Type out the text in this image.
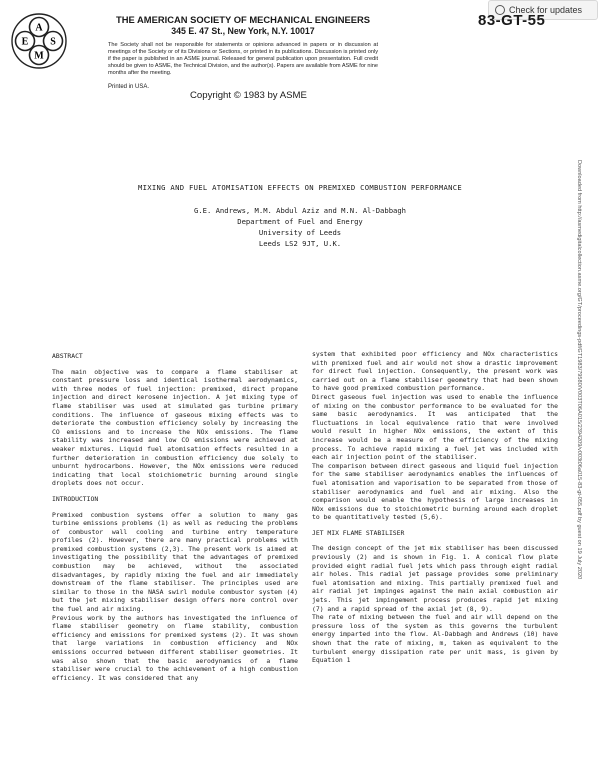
A
S
M
E
THE AMERICAN SOCIETY OF MECHANICAL ENGINEERS
345 E. 47 St., New York, N.Y. 10017
Check for updates
83-GT-55
The Society shall not be responsible for statements or opinions advanced in papers or in discussion at meetings of the Society or of its Divisions or Sections, or printed in its publications. Discussion is printed only if the paper is published in an ASME journal. Released for general publication upon presentation. Full credit should be given to ASME, the Technical Division, and the author(s). Papers are available from ASME for nine months after the meeting.
Printed in USA.
Copyright © 1983 by ASME
Downloaded from http://asmedigitalcollection.asme.org/GT/proceedings-pdf/GT1983/79580/V003T06A015/2394209/v003t06a015-83-gt-055.pdf by guest on 19 July 2020
MIXING AND FUEL ATOMISATION EFFECTS ON PREMIXED COMBUSTION PERFORMANCE
G.E. Andrews, M.M. Abdul Aziz and M.N. Al-Dabbagh
Department of Fuel and Energy
University of Leeds
Leeds LS2 9JT, U.K.

ABSTRACT

The main objective was to compare a flame stabiliser at constant pressure loss and identical isothermal aerodynamics, with three modes of fuel injection: premixed, direct propane injection and direct kerosene injection. A jet mixing type of flame stabiliser was used at simulated gas turbine primary conditions. The influence of gaseous mixing effects was to deteriorate the combustion efficiency solely by increasing the CO emissions and to increase the NOx emissions. The flame stability was increased and low CO emissions were achieved at weaker mixtures. Liquid fuel atomisation effects resulted in a further deterioration in combustion efficiency due solely to unburnt hydrocarbons. However, the NOx emissions were reduced indicating that local stoichiometric burning around single droplets does not occur.

INTRODUCTION

Premixed combustion systems offer a solution to many gas turbine emissions problems (1) as well as reducing the problems of combustor wall cooling and turbine entry temperature profiles (2). However, there are many practical problems with premixed combustion systems (2,3). The present work is aimed at investigating the possibility that the advantages of premixed combustion may be achieved, without the associated disadvantages, by rapidly mixing the fuel and air immediately downstream of the flame stabiliser. The principles used are similar to those in the NASA swirl module combustor system (4) but the jet mixing stabiliser design offers more control over the fuel and air mixing.

Previous work by the authors has investigated the influence of flame stabiliser geometry on flame stability, combustion efficiency and emissions for premixed systems (2). It was shown that large variations in combustion efficiency and NOx emissions occurred between different stabiliser geometries. It was also shown that the basic aerodynamics of a flame stabiliser were crucial to the achievement of a high combustion efficiency. It was considered that any

system that exhibited poor efficiency and NOx characteristics with premixed fuel and air would not show a drastic improvement for direct fuel injection. Consequently, the present work was carried out on a flame stabiliser geometry that had been shown to have good premixed combustion performance.

Direct gaseous fuel injection was used to enable the influence of mixing on the combustor performance to be evaluated for the same basic aerodynamics. It was anticipated that the fluctuations in local equivalence ratio that were involved would result in higher NOx emissions, the extent of this increase would be a measure of the efficiency of the mixing process. To achieve rapid mixing a fuel jet was included with each air injection point of the stabiliser.

The comparison between direct gaseous and liquid fuel injection for the same stabiliser aerodynamics enables the influences of fuel atomisation and vaporisation to be separated from those of stabiliser aerodynamics and fuel and air mixing. Also the comparison would enable the hypothesis of large increases in NOx emissions due to stoichiometric burning around each droplet to be quantitatively tested (5,6).

JET MIX FLAME STABILISER

The design concept of the jet mix stabiliser has been discussed previously (2) and is shown in Fig. 1. A conical flow plate provided eight radial fuel jets which pass through eight radial air holes. This radial jet passage provides some preliminary fuel atomisation and mixing. This partially premixed fuel and air radial jet impinges against the main axial combustion air jets. This jet impingement process produces rapid jet mixing (7) and a rapid spread of the axial jet (8, 9).

The rate of mixing between the fuel and air will depend on the pressure loss of the system as this governs the turbulent energy imparted into the flow. Al-Dabbagh and Andrews (10) have shown that the rate of mixing, m, taken as equivalent to the turbulent energy dissipation rate per unit mass, is given by Equation 1
